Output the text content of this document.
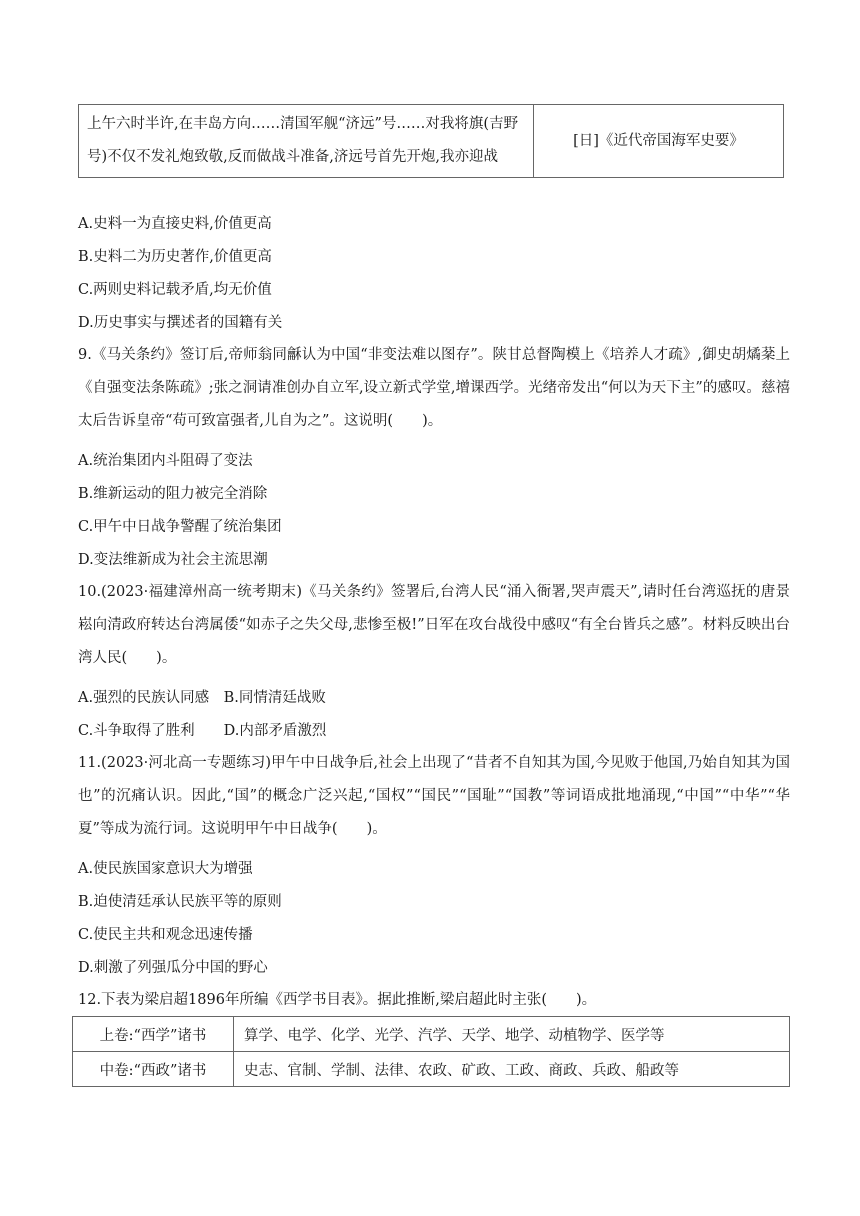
上午六时半许,在丰岛方向……清国军舰“济远”号……对我将旗(吉野号)不仅不发礼炮致敬,反而做战斗准备,济远号首先开炮,我亦迎战	[日]《近代帝国海军史要》
A.史料一为直接史料,价值更高
B.史料二为历史著作,价值更高
C.两则史料记载矛盾,均无价值
D.历史事实与撰述者的国籍有关
9.《马关条约》签订后,帝师翁同龢认为中国“非变法难以图存”。陕甘总督陶模上《培养人才疏》,御史胡燏棻上《自强变法条陈疏》;张之洞请准创办自立军,设立新式学堂,增课西学。光绪帝发出“何以为天下主”的感叹。慈禧太后告诉皇帝“苟可致富强者,儿自为之”。这说明(　　)。
A.统治集团内斗阻碍了变法
B.维新运动的阻力被完全消除
C.甲午中日战争警醒了统治集团
D.变法维新成为社会主流思潮
10.(2023·福建漳州高一统考期末)《马关条约》签署后,台湾人民“涌入衙署,哭声震天”,请时任台湾巡抚的唐景崧向清政府转达台湾属倭“如赤子之失父母,悲惨至极!”日军在攻台战役中感叹“有全台皆兵之感”。材料反映出台湾人民(　　)。
A.强烈的民族认同感　B.同情清廷战败
C.斗争取得了胜利　　D.内部矛盾激烈
11.(2023·河北高一专题练习)甲午中日战争后,社会上出现了“昔者不自知其为国,今见败于他国,乃始自知其为国也”的沉痛认识。因此,“国”的概念广泛兴起,“国权”“国民”“国耻”“国教”等词语成批地涌现,“中国”“中华”“华夏”等成为流行词。这说明甲午中日战争(　　)。
A.使民族国家意识大为增强
B.迫使清廷承认民族平等的原则
C.使民主共和观念迅速传播
D.刺激了列强瓜分中国的野心
12.下表为梁启超1896年所编《西学书目表》。据此推断,梁启超此时主张(　　)。
上卷:“西学”诸书	算学、电学、化学、光学、汽学、天学、地学、动植物学、医学等
中卷:“西政”诸书	史志、官制、学制、法律、农政、矿政、工政、商政、兵政、船政等
